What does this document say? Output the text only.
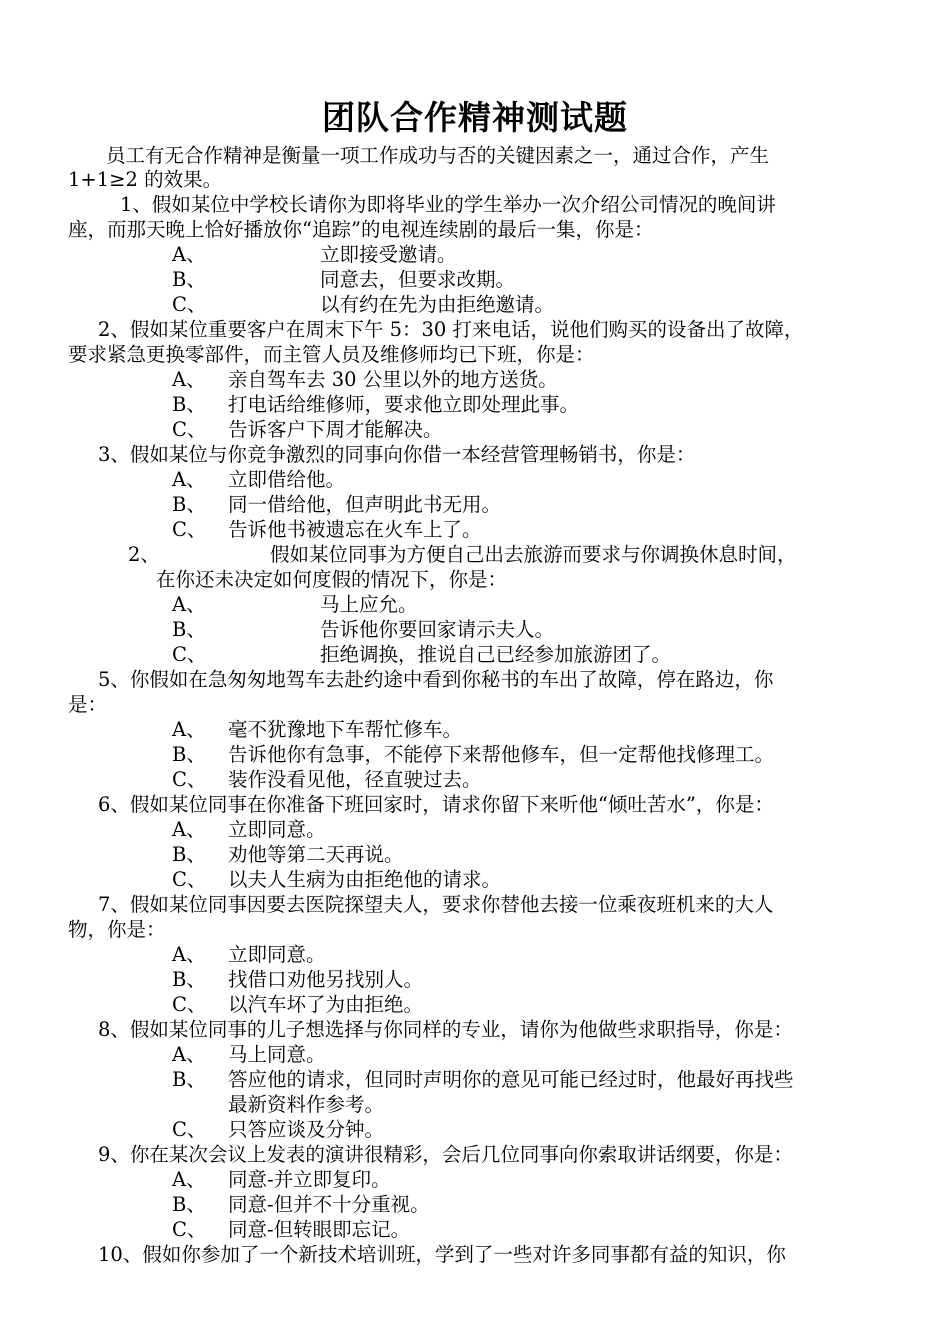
团队合作精神测试题
员工有无合作精神是衡量一项工作成功与否的关键因素之一，通过合作，产生
1+1≥2 的效果。
1、假如某位中学校长请你为即将毕业的学生举办一次介绍公司情况的晚间讲
座，而那天晚上恰好播放你“追踪”的电视连续剧的最后一集，你是：
A、	立即接受邀请。
B、	同意去，但要求改期。
C、	以有约在先为由拒绝邀请。
2、假如某位重要客户在周末下午 5：30 打来电话，说他们购买的设备出了故障，
要求紧急更换零部件，而主管人员及维修师均已下班，你是：
A、 亲自驾车去 30 公里以外的地方送货。
B、 打电话给维修师，要求他立即处理此事。
C、 告诉客户下周才能解决。
3、假如某位与你竞争激烈的同事向你借一本经营管理畅销书，你是：
A、 立即借给他。
B、 同一借给他，但声明此书无用。
C、 告诉他书被遗忘在火车上了。
2、	假如某位同事为方便自己出去旅游而要求与你调换休息时间，
在你还未决定如何度假的情况下，你是：
A、	马上应允。
B、	告诉他你要回家请示夫人。
C、	拒绝调换，推说自己已经参加旅游团了。
5、你假如在急匆匆地驾车去赴约途中看到你秘书的车出了故障，停在路边，你
是：
A、 毫不犹豫地下车帮忙修车。
B、 告诉他你有急事，不能停下来帮他修车，但一定帮他找修理工。
C、 装作没看见他，径直驶过去。
6、假如某位同事在你准备下班回家时，请求你留下来听他“倾吐苦水”，你是：
A、 立即同意。
B、 劝他等第二天再说。
C、 以夫人生病为由拒绝他的请求。
7、假如某位同事因要去医院探望夫人，要求你替他去接一位乘夜班机来的大人
物，你是：
A、 立即同意。
B、 找借口劝他另找别人。
C、 以汽车坏了为由拒绝。
8、假如某位同事的儿子想选择与你同样的专业，请你为他做些求职指导，你是：
A、 马上同意。
B、 答应他的请求，但同时声明你的意见可能已经过时，他最好再找些
最新资料作参考。
C、 只答应谈及分钟。
9、你在某次会议上发表的演讲很精彩，会后几位同事向你索取讲话纲要，你是：
A、 同意-并立即复印。
B、 同意-但并不十分重视。
C、 同意-但转眼即忘记。
10、假如你参加了一个新技术培训班，学到了一些对许多同事都有益的知识，你
